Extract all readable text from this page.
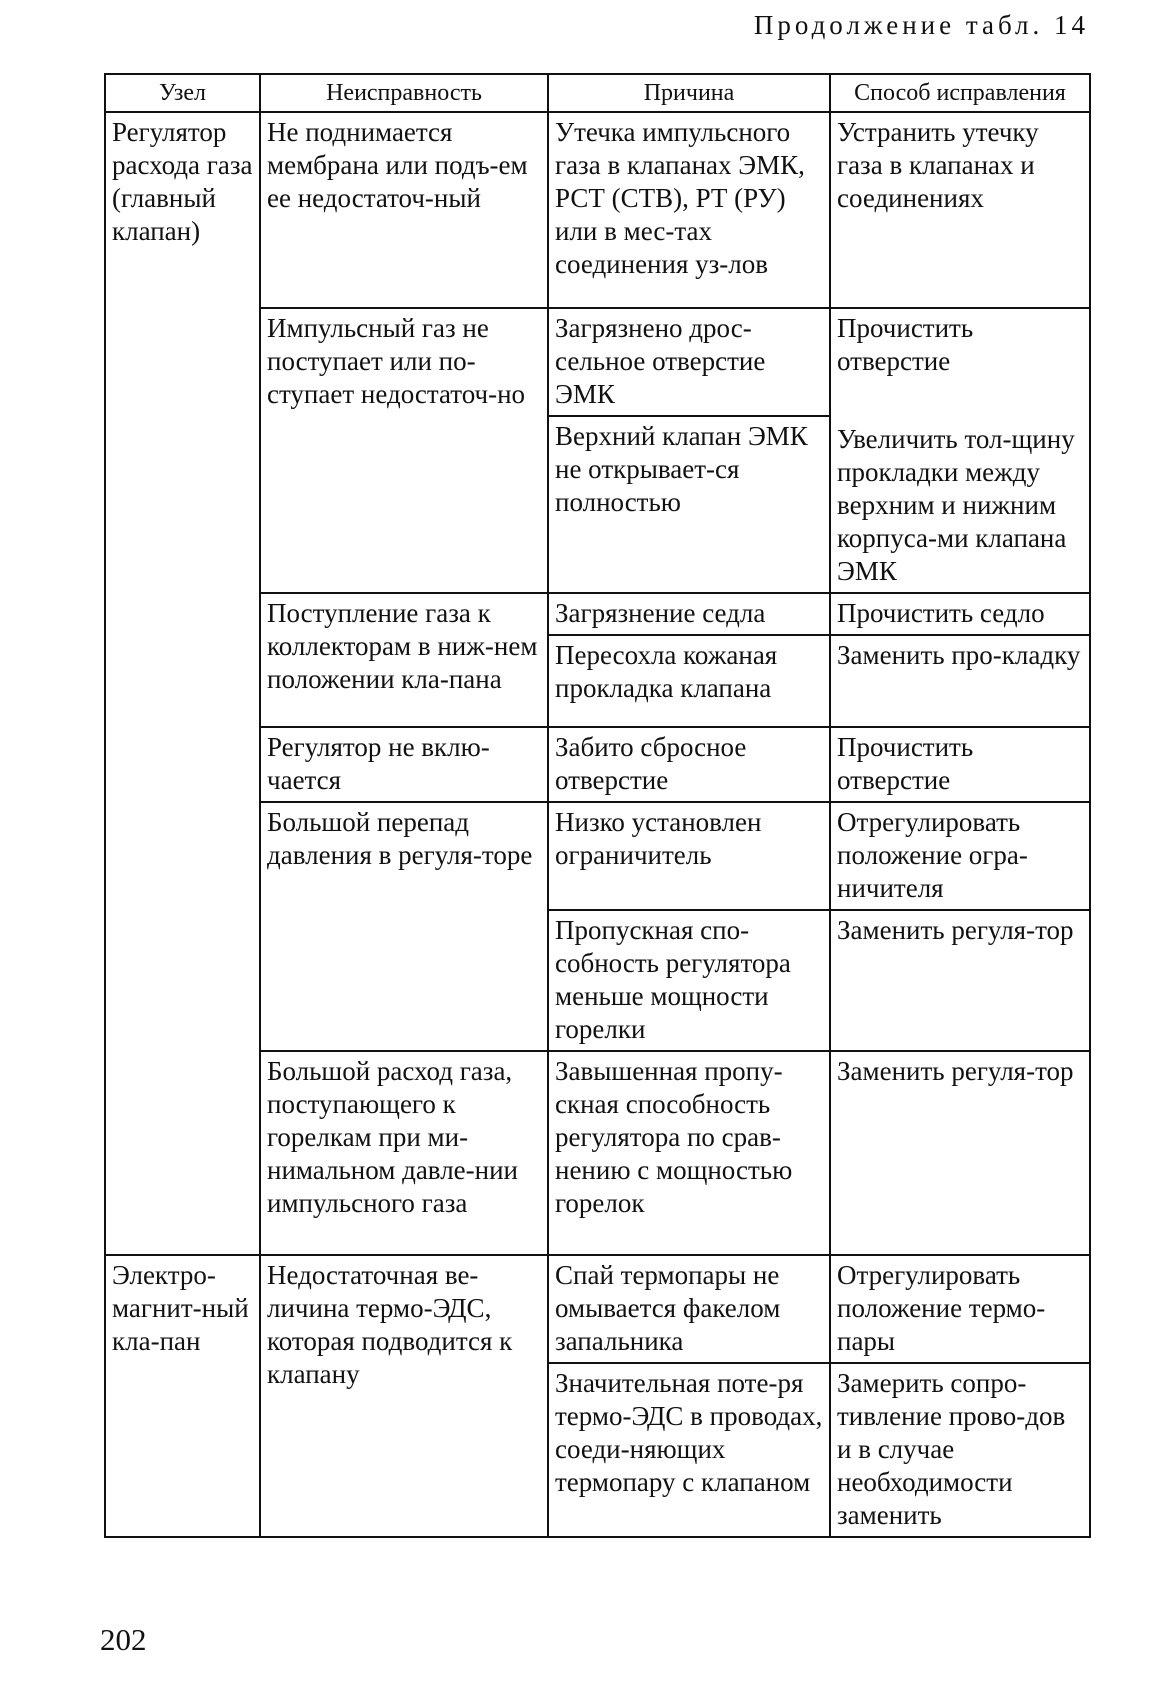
Продолжение табл. 14
Узел	Неисправность	Причина	Способ исправления
Регулятор расхода газа (главный клапан)	Не поднимается мембрана или подъ-ем ее недостаточ-ный	Утечка импульсного газа в клапанах ЭМК, РСТ (СТВ), РТ (РУ) или в мес-тах соединения уз-лов	Устранить утечку газа в клапанах и соединениях
	Импульсный газ не поступает или по-ступает недостаточ-но	Загрязнено дрос-сельное отверстие ЭМК	Прочистить отверстие
		Верхний клапан ЭМК не открывает-ся полностью	
			Увеличить тол-щину прокладки между верхним и нижним корпуса-ми клапана ЭМК
	Поступление газа к коллекторам в ниж-нем положении кла-пана	Загрязнение седла	Прочистить седло
		Пересохла кожаная прокладка клапана	Заменить про-кладку
	Регулятор не вклю-чается	Забито сбросное отверстие	Прочистить отверстие
	Большой перепад давления в регуля-торе	Низко установлен ограничитель	Отрегулировать положение огра-ничителя
		Пропускная спо-собность регулятора меньше мощности горелки	Заменить регуля-тор
	Большой расход газа, поступающего к горелкам при ми-нимальном давле-нии импульсного газа	Завышенная пропу-скная способность регулятора по срав-нению с мощностью горелок	Заменить регуля-тор
Электро-магнит-ный кла-пан	Недостаточная ве-личина термо-ЭДС, которая подводится к клапану	Спай термопары не омывается факелом запальника	Отрегулировать положение термо-пары
		Значительная поте-ря термо-ЭДС в проводах, соеди-няющих термопару с клапаном	Замерить сопро-тивление прово-дов и в случае необходимости заменить
202
